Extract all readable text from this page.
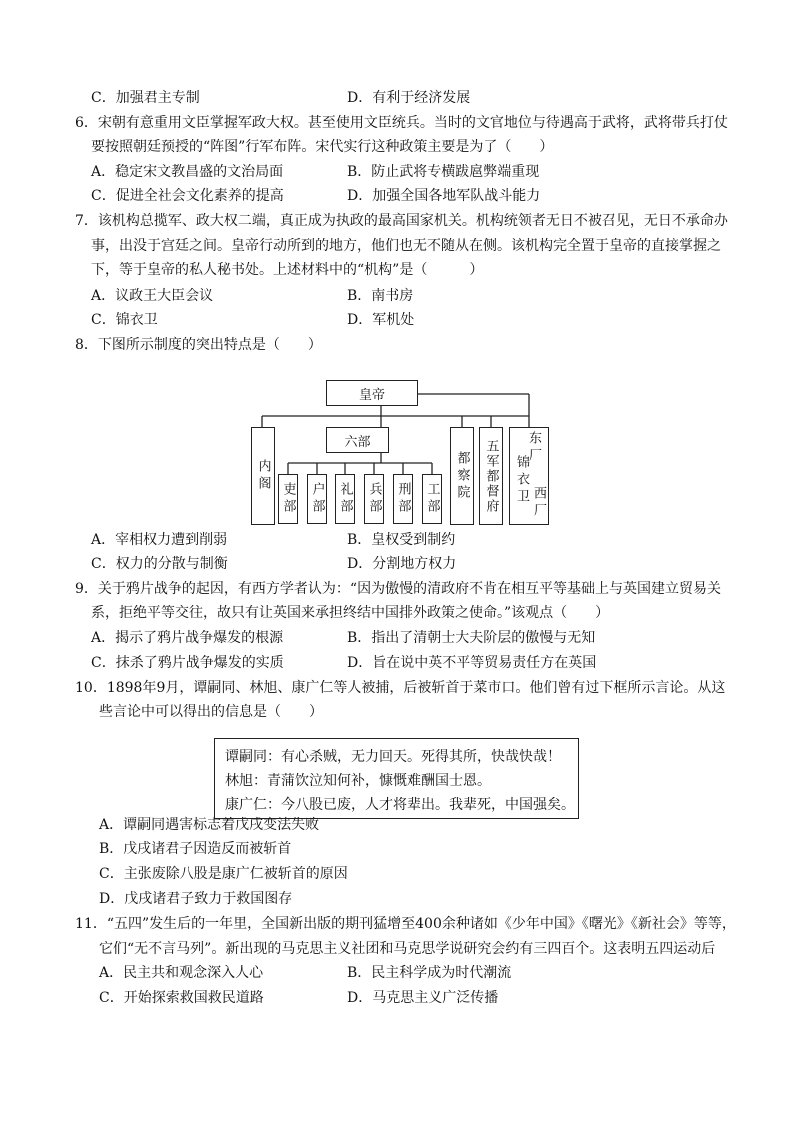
C．加强君主专制	D．有利于经济发展
6．宋朝有意重用文臣掌握军政大权。甚至使用文臣统兵。当时的文官地位与待遇高于武将，武将带兵打仗
要按照朝廷预授的“阵图”行军布阵。宋代实行这种政策主要是为了（　　）
A．稳定宋文教昌盛的文治局面	B．防止武将专横跋扈弊端重现
C．促进全社会文化素养的提高	D．加强全国各地军队战斗能力
7．该机构总揽军、政大权二端，真正成为执政的最高国家机关。机构统领者无日不被召见，无日不承命办
事，出没于宫廷之间。皇帝行动所到的地方，他们也无不随从在侧。该机构完全置于皇帝的直接掌握之
下，等于皇帝的私人秘书处。上述材料中的“机构”是（　　　）
A．议政王大臣会议	B．南书房
C．锦衣卫	D．军机处
8．下图所示制度的突出特点是（　　）
A．宰相权力遭到削弱	B．皇权受到制约
C．权力的分散与制衡	D．分割地方权力
9．关于鸦片战争的起因，有西方学者认为：“因为傲慢的清政府不肯在相互平等基础上与英国建立贸易关
系，拒绝平等交往，故只有让英国来承担终结中国排外政策之使命。”该观点（　　）
A．揭示了鸦片战争爆发的根源	B．指出了清朝士大夫阶层的傲慢与无知
C．抹杀了鸦片战争爆发的实质	D．旨在说中英不平等贸易责任方在英国
10．1898年9月，谭嗣同、林旭、康广仁等人被捕，后被斩首于菜市口。他们曾有过下框所示言论。从这
些言论中可以得出的信息是（　　）
A．谭嗣同遇害标志着戊戌变法失败
B．戊戌诸君子因造反而被斩首
C．主张废除八股是康广仁被斩首的原因
D．戊戌诸君子致力于救国图存
11．“五四”发生后的一年里，全国新出版的期刊猛增至400余种诸如《少年中国》《曙光》《新社会》等等，
它们“无不言马列”。新出现的马克思主义社团和马克思学说研究会约有三四百个。这表明五四运动后
A．民主共和观念深入人心	B．民主科学成为时代潮流
C．开始探索救国救民道路	D．马克思主义广泛传播
皇帝
六部
内阁
吏部 户部 礼部 兵部 刑部 工部 都察院 五军都督府 东厂
锦衣卫 西厂
谭嗣同：有心杀贼，无力回天。死得其所，快哉快哉！
林旭：青蒲饮泣知何补，慷慨难酬国士恩。
康广仁：今八股已废，人才将辈出。我辈死，中国强矣。
